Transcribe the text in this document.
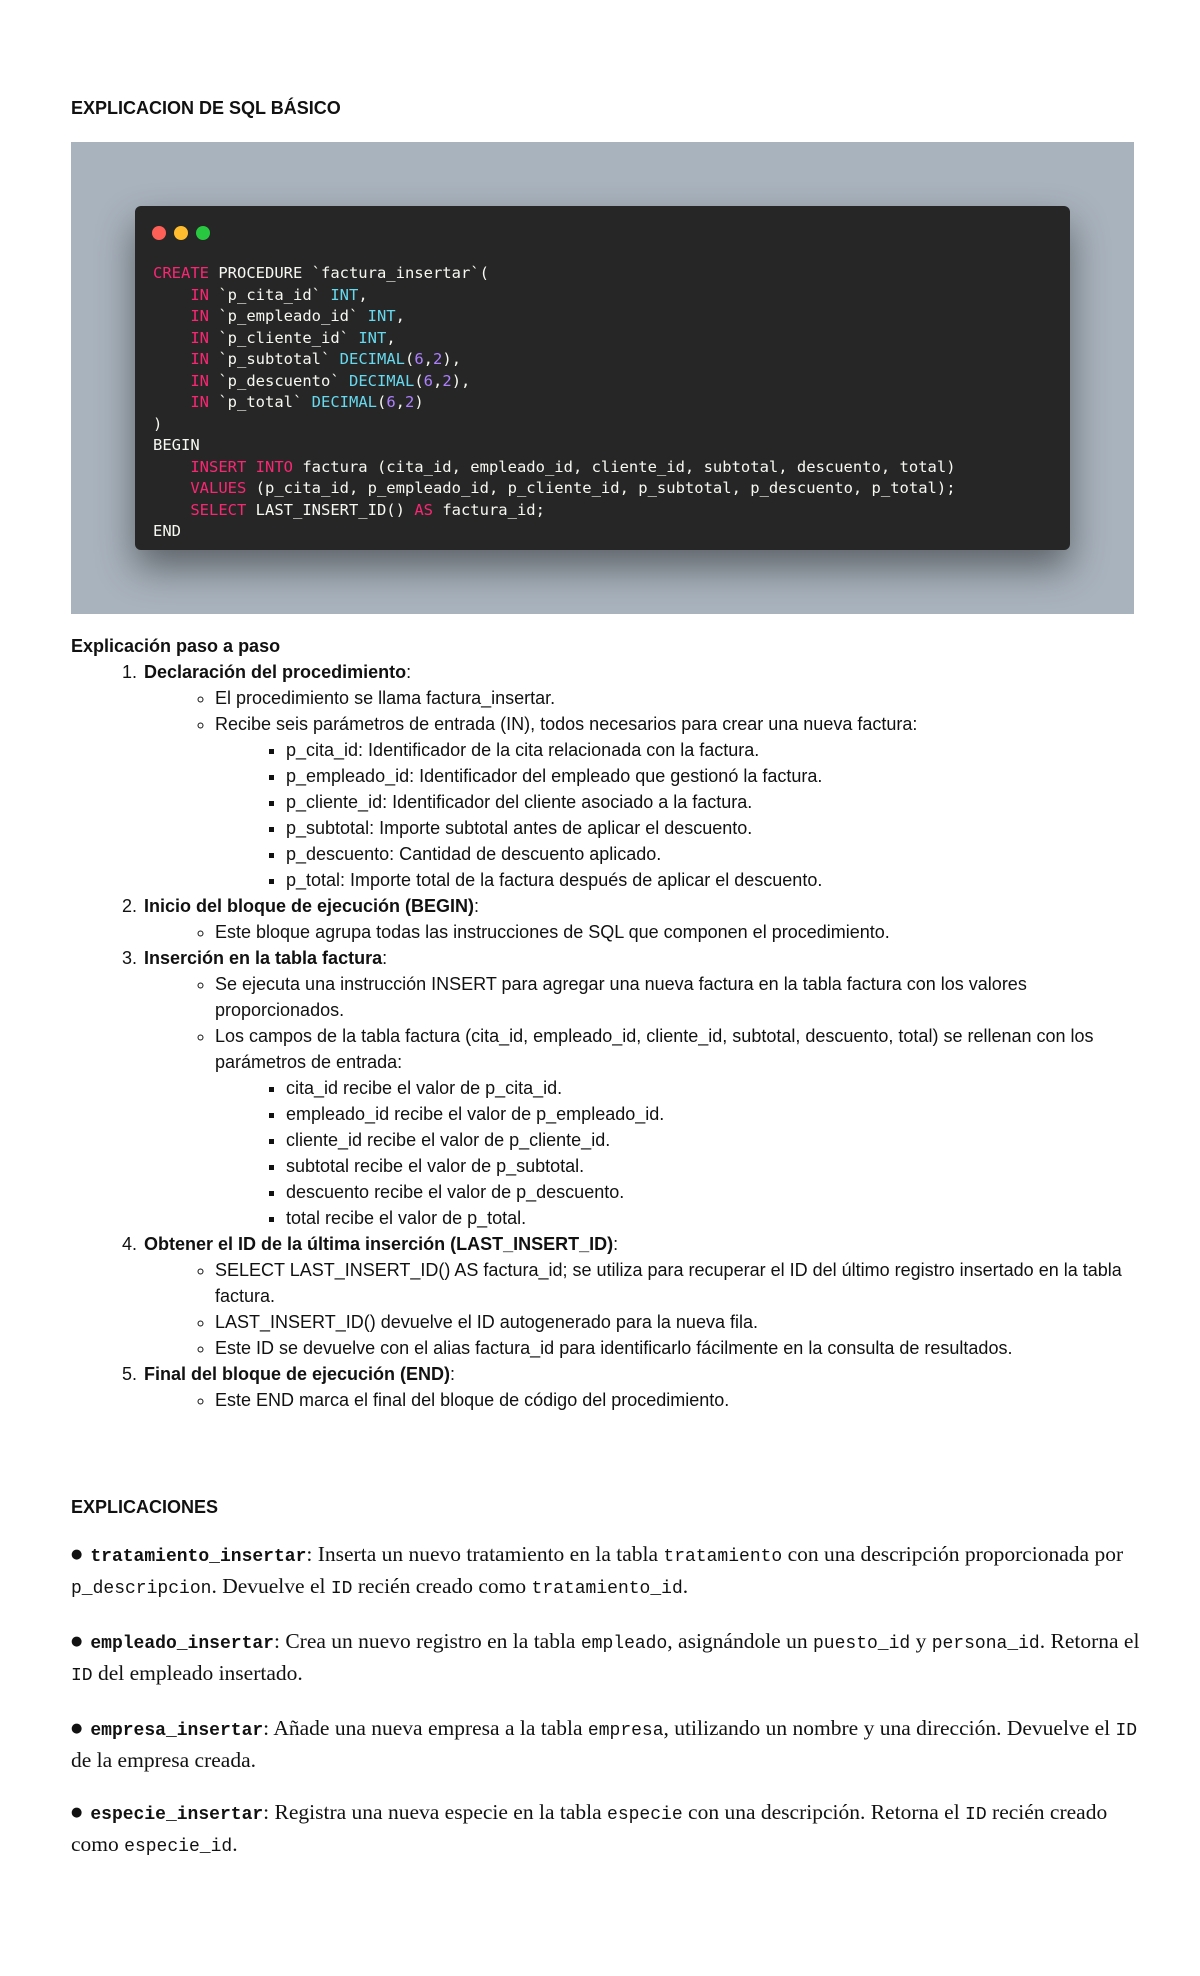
EXPLICACION DE SQL BÁSICO
CREATE PROCEDURE `factura_insertar`(
IN `p_cita_id` INT,
IN `p_empleado_id` INT,
IN `p_cliente_id` INT,
IN `p_subtotal` DECIMAL(6,2),
IN `p_descuento` DECIMAL(6,2),
IN `p_total` DECIMAL(6,2)
)
BEGIN
INSERT INTO factura (cita_id, empleado_id, cliente_id, subtotal, descuento, total)
VALUES (p_cita_id, p_empleado_id, p_cliente_id, p_subtotal, p_descuento, p_total);
SELECT LAST_INSERT_ID() AS factura_id;
END
Explicación paso a paso
1. Declaración del procedimiento:
◦ El procedimiento se llama factura_insertar.
◦ Recibe seis parámetros de entrada (IN), todos necesarios para crear una nueva factura:
▪ p_cita_id: Identificador de la cita relacionada con la factura.
▪ p_empleado_id: Identificador del empleado que gestionó la factura.
▪ p_cliente_id: Identificador del cliente asociado a la factura.
▪ p_subtotal: Importe subtotal antes de aplicar el descuento.
▪ p_descuento: Cantidad de descuento aplicado.
▪ p_total: Importe total de la factura después de aplicar el descuento.
2. Inicio del bloque de ejecución (BEGIN):
◦ Este bloque agrupa todas las instrucciones de SQL que componen el procedimiento.
3. Inserción en la tabla factura:
◦ Se ejecuta una instrucción INSERT para agregar una nueva factura en la tabla factura con los valores proporcionados.
◦ Los campos de la tabla factura (cita_id, empleado_id, cliente_id, subtotal, descuento, total) se rellenan con los parámetros de entrada:
▪ cita_id recibe el valor de p_cita_id.
▪ empleado_id recibe el valor de p_empleado_id.
▪ cliente_id recibe el valor de p_cliente_id.
▪ subtotal recibe el valor de p_subtotal.
▪ descuento recibe el valor de p_descuento.
▪ total recibe el valor de p_total.
4. Obtener el ID de la última inserción (LAST_INSERT_ID):
◦ SELECT LAST_INSERT_ID() AS factura_id; se utiliza para recuperar el ID del último registro insertado en la tabla factura.
◦ LAST_INSERT_ID() devuelve el ID autogenerado para la nueva fila.
◦ Este ID se devuelve con el alias factura_id para identificarlo fácilmente en la consulta de resultados.
5. Final del bloque de ejecución (END):
◦ Este END marca el final del bloque de código del procedimiento.
EXPLICACIONES

● tratamiento_insertar: Inserta un nuevo tratamiento en la tabla tratamiento con una descripción proporcionada por p_descripcion. Devuelve el ID recién creado como tratamiento_id.

● empleado_insertar: Crea un nuevo registro en la tabla empleado, asignándole un puesto_id y persona_id. Retorna el ID del empleado insertado.

● empresa_insertar: Añade una nueva empresa a la tabla empresa, utilizando un nombre y una dirección. Devuelve el ID de la empresa creada.

● especie_insertar: Registra una nueva especie en la tabla especie con una descripción. Retorna el ID recién creado como especie_id.
